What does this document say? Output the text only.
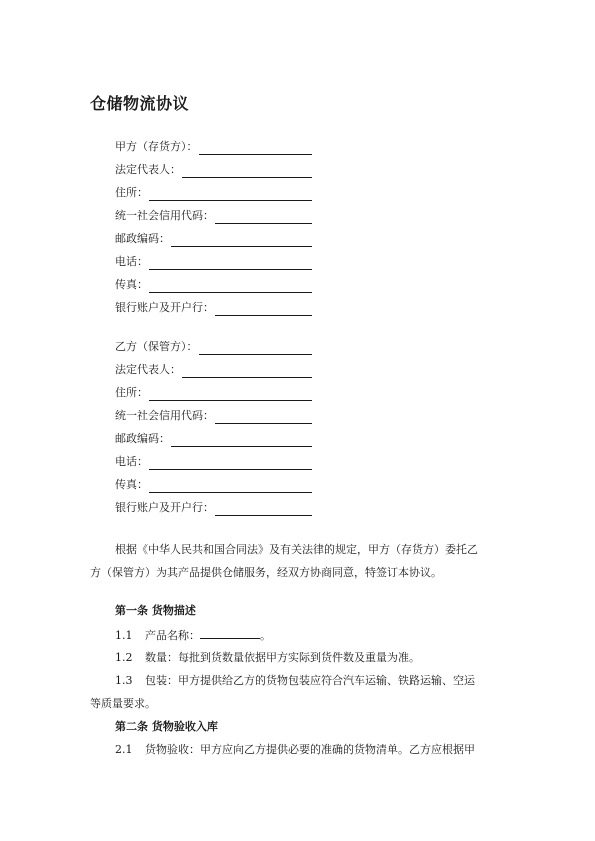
仓储物流协议
甲方（存货方）：
法定代表人：
住所：
统一社会信用代码：
邮政编码：
电话：
传真：
银行账户及开户行：
乙方（保管方）：
法定代表人：
住所：
统一社会信用代码：
邮政编码：
电话：
传真：
银行账户及开户行：
根据《中华人民共和国合同法》及有关法律的规定，甲方（存货方）委托乙
方（保管方）为其产品提供仓储服务，经双方协商同意，特签订本协议。
第一条 货物描述
1.1 产品名称：	。
1.2 数量：每批到货数量依据甲方实际到货件数及重量为准。
1.3 包装：甲方提供给乙方的货物包装应符合汽车运输、铁路运输、空运
等质量要求。
第二条 货物验收入库
2.1 货物验收：甲方应向乙方提供必要的准确的货物清单。乙方应根据甲
